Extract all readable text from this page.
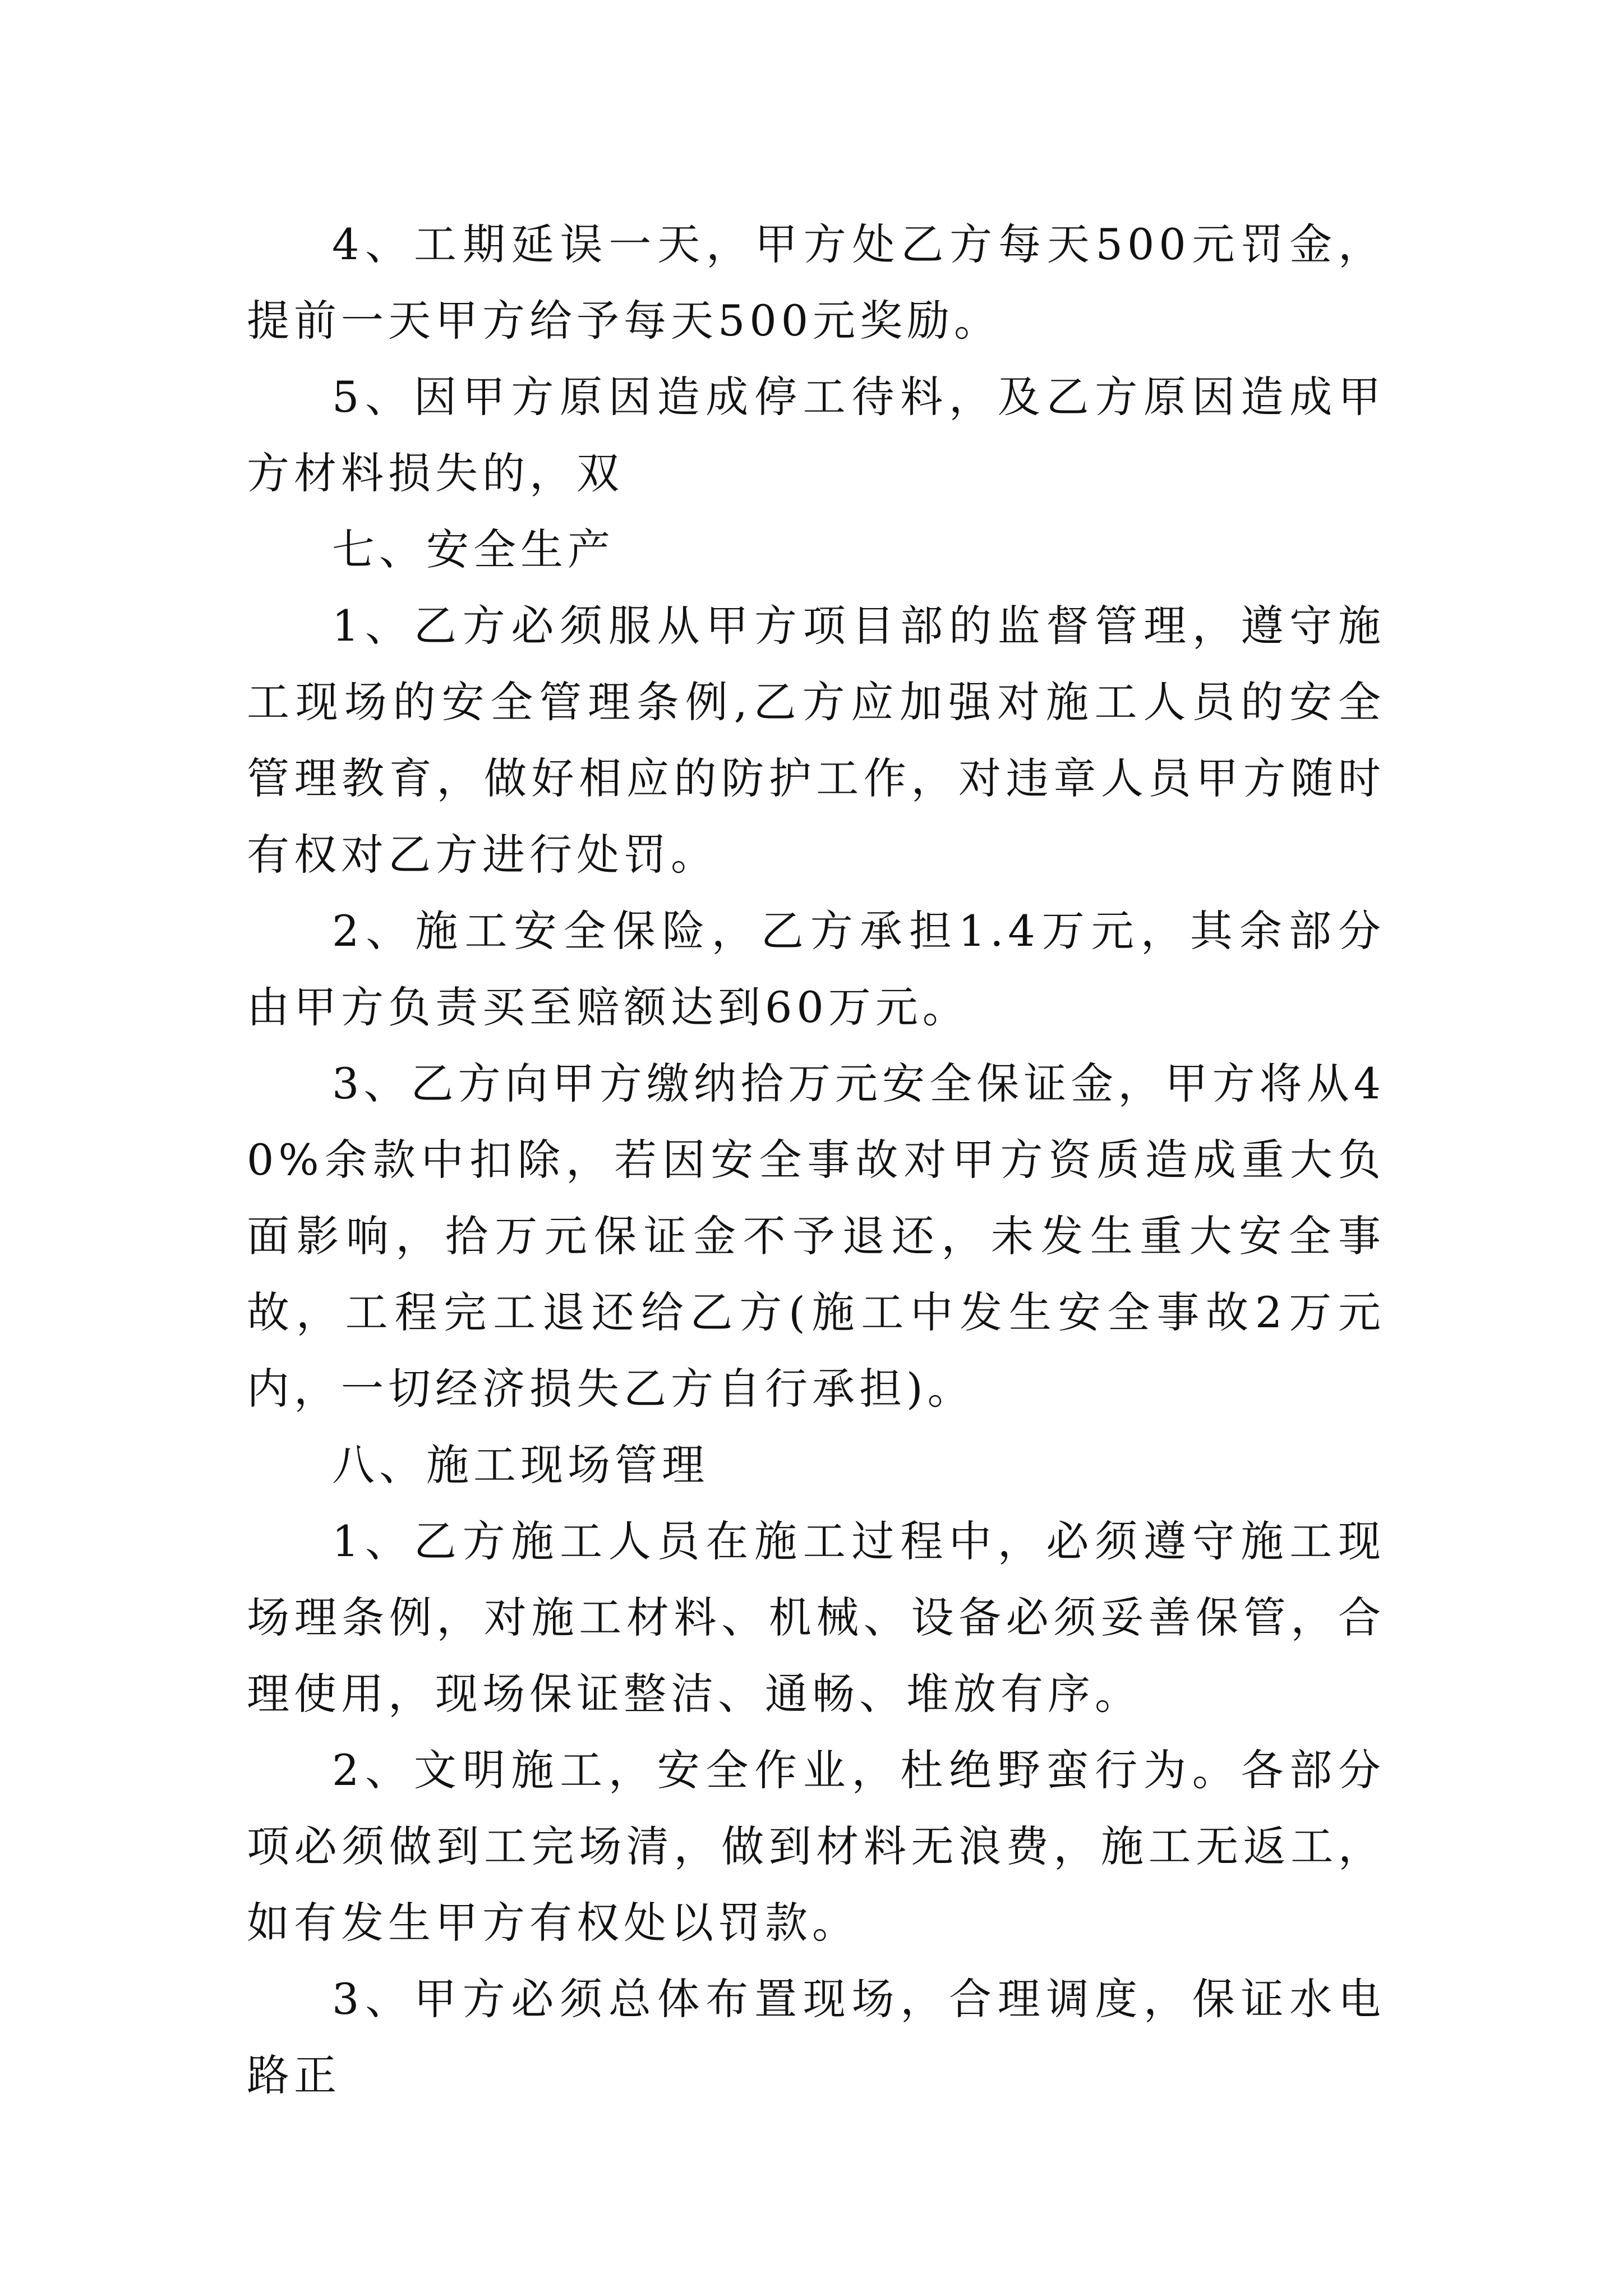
4、工期延误一天，甲方处乙方每天500元罚金，提前一天甲方给予每天500元奖励。

5、因甲方原因造成停工待料，及乙方原因造成甲方材料损失的，双

七、安全生产

1、乙方必须服从甲方项目部的监督管理，遵守施工现场的安全管理条例,乙方应加强对施工人员的安全管理教育，做好相应的防护工作，对违章人员甲方随时有权对乙方进行处罚。

2、施工安全保险，乙方承担1.4万元，其余部分由甲方负责买至赔额达到60万元。

3、乙方向甲方缴纳拾万元安全保证金，甲方将从40%余款中扣除，若因安全事故对甲方资质造成重大负面影响，拾万元保证金不予退还，未发生重大安全事故，工程完工退还给乙方(施工中发生安全事故2万元内，一切经济损失乙方自行承担)。

八、施工现场管理

1、乙方施工人员在施工过程中，必须遵守施工现场理条例，对施工材料、机械、设备必须妥善保管，合理使用，现场保证整洁、通畅、堆放有序。

2、文明施工，安全作业，杜绝野蛮行为。各部分项必须做到工完场清，做到材料无浪费，施工无返工，如有发生甲方有权处以罚款。

3、甲方必须总体布置现场，合理调度，保证水电路正
